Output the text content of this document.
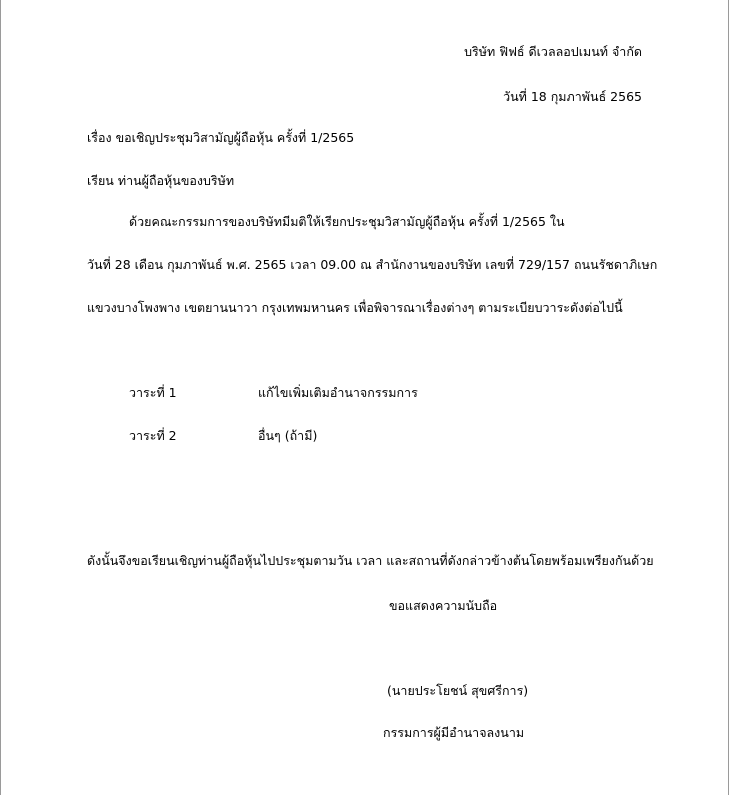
บริษัท ฟิฟธ์ ดีเวลลอปเมนท์ จำกัด
วันที่ 18 กุมภาพันธ์ 2565
เรื่อง ขอเชิญประชุมวิสามัญผู้ถือหุ้น ครั้งที่ 1/2565
เรียน ท่านผู้ถือหุ้นของบริษัท
ด้วยคณะกรรมการของบริษัทมีมติให้เรียกประชุมวิสามัญผู้ถือหุ้น ครั้งที่ 1/2565 ใน
วันที่ 28 เดือน กุมภาพันธ์ พ.ศ. 2565 เวลา 09.00 ณ สำนักงานของบริษัท เลขที่ 729/157 ถนนรัชดาภิเษก
แขวงบางโพงพาง เขตยานนาวา กรุงเทพมหานคร เพื่อพิจารณาเรื่องต่างๆ ตามระเบียบวาระดังต่อไปนี้
วาระที่ 1	แก้ไขเพิ่มเติมอำนาจกรรมการ
วาระที่ 2	อื่นๆ (ถ้ามี)
ดังนั้นจึงขอเรียนเชิญท่านผู้ถือหุ้นไปประชุมตามวัน เวลา และสถานที่ดังกล่าวข้างต้นโดยพร้อมเพรียงกันด้วย
ขอแสดงความนับถือ
(นายประโยชน์ สุขศรีการ)
กรรมการผู้มีอำนาจลงนาม
